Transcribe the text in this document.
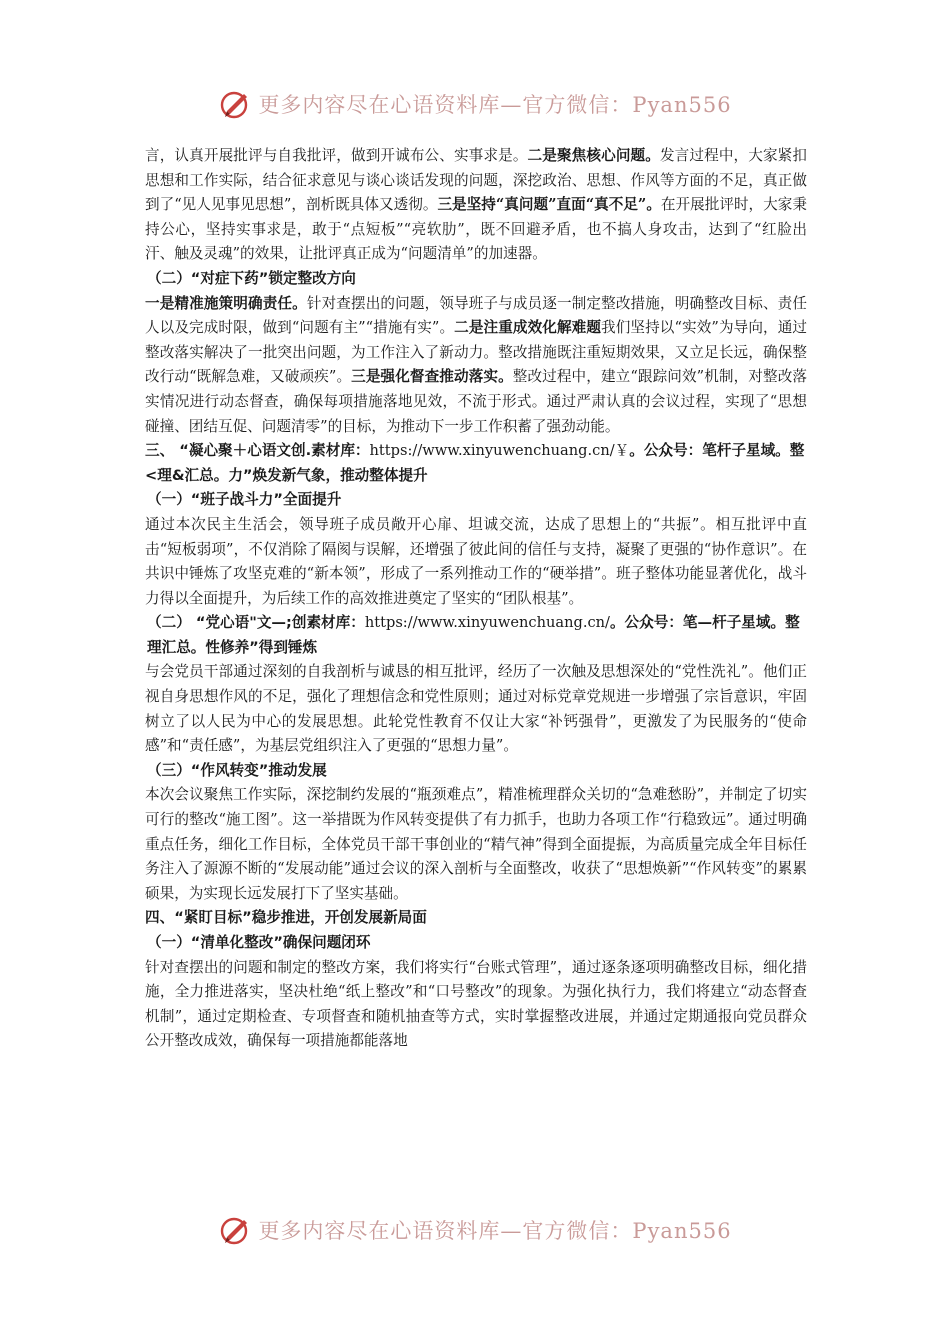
更多内容尽在心语资料库—官方微信：Pyan556
言，认真开展批评与自我批评，做到开诚布公、实事求是。二是聚焦核心问题。发言过程中，大家紧扣思想和工作实际，结合征求意见与谈心谈话发现的问题，深挖政治、思想、作风等方面的不足，真正做到了“见人见事见思想”，剖析既具体又透彻。三是坚持“真问题”直面“真不足”。在开展批评时，大家秉持公心，坚持实事求是，敢于“点短板”“亮软肋”，既不回避矛盾，也不搞人身攻击，达到了“红脸出汗、触及灵魂”的效果，让批评真正成为“问题清单”的加速器。
（二）“对症下药”锁定整改方向
一是精准施策明确责任。针对查摆出的问题，领导班子与成员逐一制定整改措施，明确整改目标、责任人以及完成时限，做到“问题有主”“措施有实”。二是注重成效化解难题我们坚持以“实效”为导向，通过整改落实解决了一批突出问题，为工作注入了新动力。整改措施既注重短期效果，又立足长远，确保整改行动“既解急难，又破顽疾”。三是强化督查推动落实。整改过程中，建立“跟踪问效”机制，对整改落实情况进行动态督查，确保每项措施落地见效，不流于形式。通过严肃认真的会议过程，实现了“思想碰撞、团结互促、问题清零”的目标，为推动下一步工作积蓄了强劲动能。
三、 “凝心聚＋心语文创.素材库：https://www.xinyuwenchuang.cn/￥。公众号：笔杆子星域。整<理&汇总。力”焕发新气象，推动整体提升
（一）“班子战斗力”全面提升
通过本次民主生活会，领导班子成员敞开心扉、坦诚交流，达成了思想上的“共振”。相互批评中直击“短板弱项”，不仅消除了隔阂与误解，还增强了彼此间的信任与支持，凝聚了更强的“协作意识”。在共识中锤炼了攻坚克难的“新本领”，形成了一系列推动工作的“硬举措”。班子整体功能显著优化，战斗力得以全面提升，为后续工作的高效推进奠定了坚实的“团队根基”。
（二） “党心语"文—;创素材库：https://www.xinyuwenchuang.cn/。公众号：笔—杆子星域。整理汇总。性修养”得到锤炼
与会党员干部通过深刻的自我剖析与诚恳的相互批评，经历了一次触及思想深处的“党性洗礼”。他们正视自身思想作风的不足，强化了理想信念和党性原则；通过对标党章党规进一步增强了宗旨意识，牢固树立了以人民为中心的发展思想。此轮党性教育不仅让大家“补钙强骨”，更激发了为民服务的“使命感”和“责任感”，为基层党组织注入了更强的“思想力量”。
（三）“作风转变”推动发展
本次会议聚焦工作实际，深挖制约发展的“瓶颈难点”，精准梳理群众关切的“急难愁盼”，并制定了切实可行的整改“施工图”。这一举措既为作风转变提供了有力抓手，也助力各项工作“行稳致远”。通过明确重点任务，细化工作目标，全体党员干部干事创业的“精气神”得到全面提振，为高质量完成全年目标任务注入了源源不断的“发展动能”通过会议的深入剖析与全面整改，收获了“思想焕新”“作风转变”的累累硕果，为实现长远发展打下了坚实基础。
四、“紧盯目标”稳步推进，开创发展新局面
（一）“清单化整改”确保问题闭环
针对查摆出的问题和制定的整改方案，我们将实行“台账式管理”，通过逐条逐项明确整改目标，细化措施，全力推进落实，坚决杜绝“纸上整改”和“口号整改”的现象。为强化执行力，我们将建立“动态督查机制”，通过定期检查、专项督查和随机抽查等方式，实时掌握整改进展，并通过定期通报向党员群众公开整改成效，确保每一项措施都能落地
更多内容尽在心语资料库—官方微信：Pyan556
